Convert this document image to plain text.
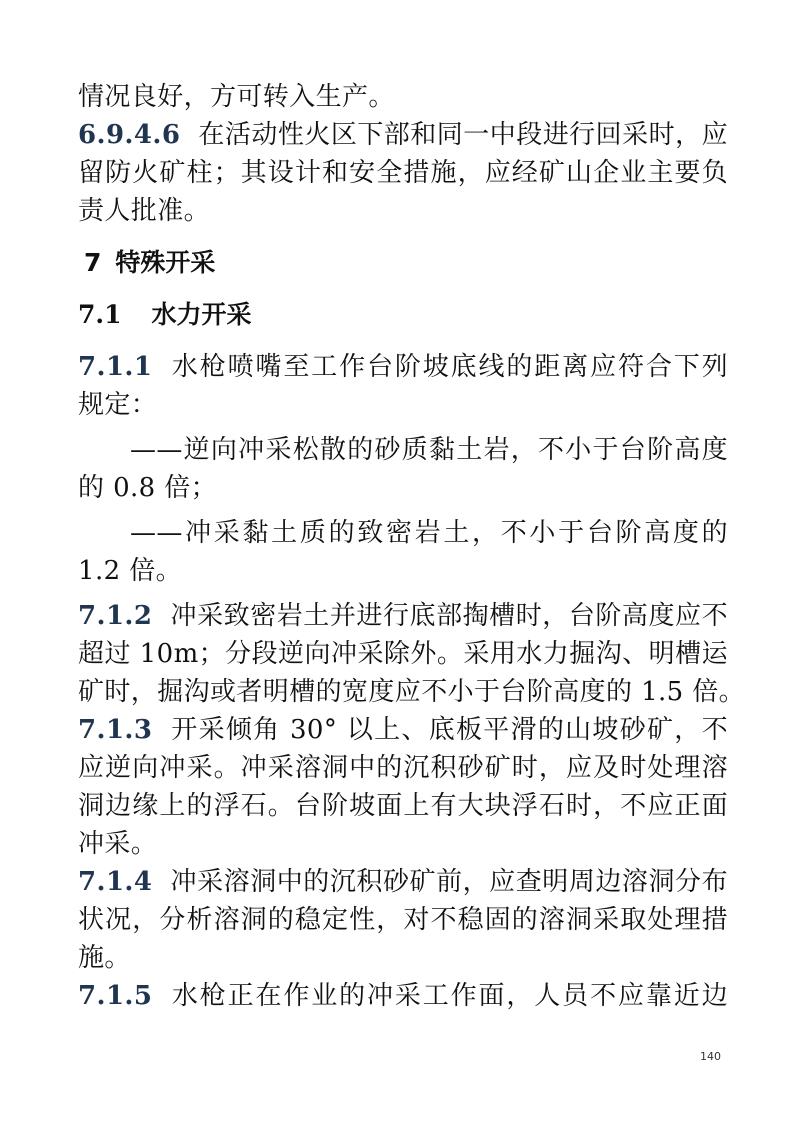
情况良好，方可转入生产。
6.9.4.6 在活动性火区下部和同一中段进行回采时，应
留防火矿柱；其设计和安全措施，应经矿山企业主要负
责人批准。
7 特殊开采
7.1 水力开采
7.1.1 水枪喷嘴至工作台阶坡底线的距离应符合下列
规定：
——逆向冲采松散的砂质黏土岩，不小于台阶高度
的 0.8 倍；
——冲采黏土质的致密岩土，不小于台阶高度的
1.2 倍。
7.1.2 冲采致密岩土并进行底部掏槽时，台阶高度应不
超过 10m；分段逆向冲采除外。采用水力掘沟、明槽运
矿时，掘沟或者明槽的宽度应不小于台阶高度的 1.5 倍。
7.1.3 开采倾角 30° 以上、底板平滑的山坡砂矿，不
应逆向冲采。冲采溶洞中的沉积砂矿时，应及时处理溶
洞边缘上的浮石。台阶坡面上有大块浮石时，不应正面
冲采。
7.1.4 冲采溶洞中的沉积砂矿前，应查明周边溶洞分布
状况，分析溶洞的稳定性，对不稳固的溶洞采取处理措
施。
7.1.5 水枪正在作业的冲采工作面，人员不应靠近边
140
